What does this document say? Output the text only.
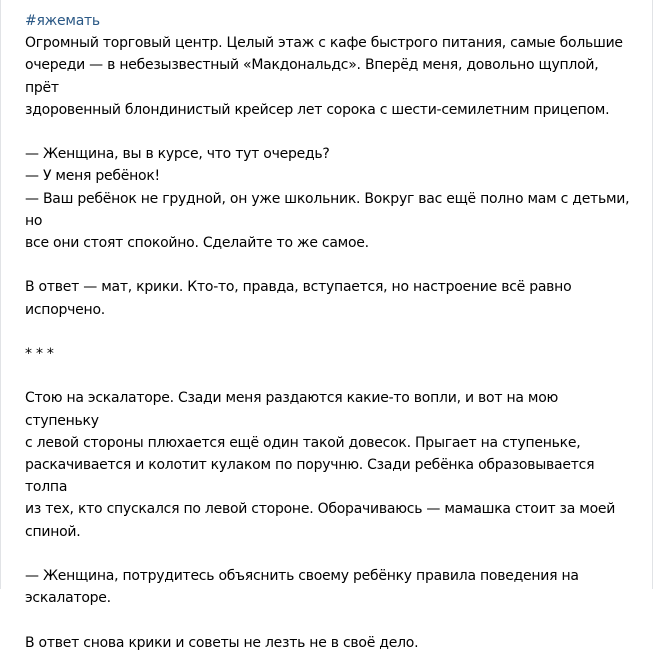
#яжемать

Огромный торговый центр. Целый этаж с кафе быстрого питания, самые большие
очереди — в небезызвестный «Макдональдс». Вперёд меня, довольно щуплой, прёт
здоровенный блондинистый крейсер лет сорока с шести-семилетним прицепом.

— Женщина, вы в курсе, что тут очередь?
— У меня ребёнок!
— Ваш ребёнок не грудной, он уже школьник. Вокруг вас ещё полно мам с детьми, но
все они стоят спокойно. Сделайте то же самое.

В ответ — мат, крики. Кто-то, правда, вступается, но настроение всё равно
испорчено.

* * *

Стою на эскалаторе. Сзади меня раздаются какие-то вопли, и вот на мою ступеньку
с левой стороны плюхается ещё один такой довесок. Прыгает на ступеньке,
раскачивается и колотит кулаком по поручню. Сзади ребёнка образовывается толпа
из тех, кто спускался по левой стороне. Оборачиваюсь — мамашка стоит за моей
спиной.

— Женщина, потрудитесь объяснить своему ребёнку правила поведения на
эскалаторе.

В ответ снова крики и советы не лезть не в своё дело.
